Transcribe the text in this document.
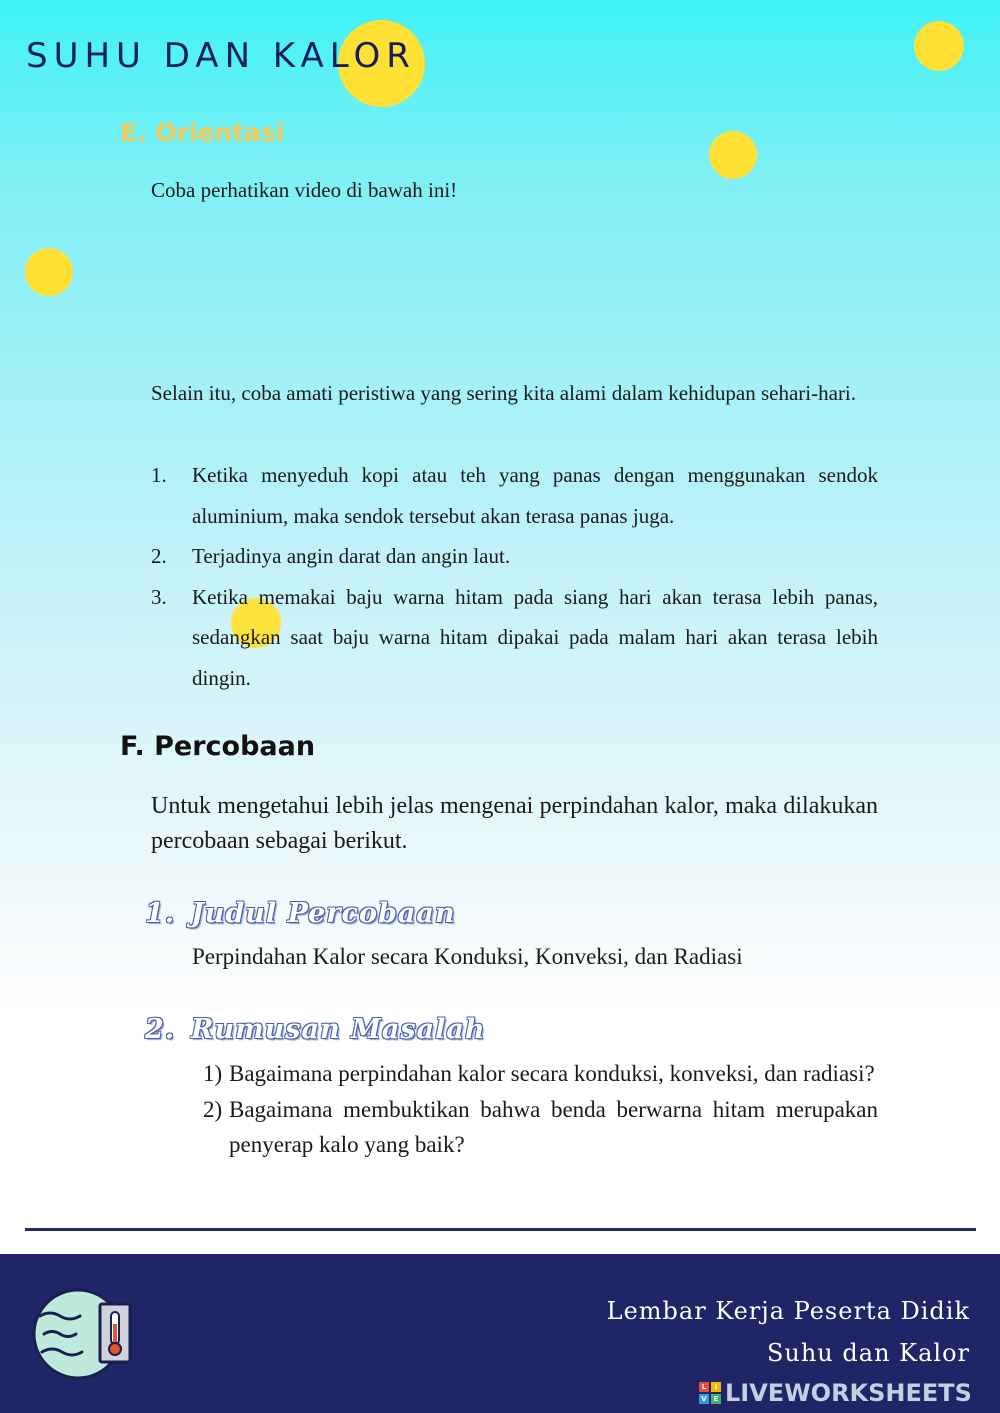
SUHU DAN KALOR
E. Orientasi

Coba perhatikan video di bawah ini!

Selain itu, coba amati peristiwa yang sering kita alami dalam kehidupan sehari-hari.

1.	Ketika menyeduh kopi atau teh yang panas dengan menggunakan sendok aluminium, maka sendok tersebut akan terasa panas juga.
2.	Terjadinya angin darat dan angin laut.
3.	Ketika memakai baju warna hitam pada siang hari akan terasa lebih panas, sedangkan saat baju warna hitam dipakai pada malam hari akan terasa lebih dingin.
F. Percobaan

Untuk mengetahui lebih jelas mengenai perpindahan kalor, maka dilakukan percobaan sebagai berikut.

1. Judul Percobaan

Perpindahan Kalor secara Konduksi, Konveksi, dan Radiasi

2. Rumusan Masalah
1) Bagaimana perpindahan kalor secara konduksi, konveksi, dan radiasi?
2) Bagaimana membuktikan bahwa benda berwarna hitam merupakan penyerap kalo yang baik?

Lembar Kerja Peserta Didik

Suhu dan Kalor

L	I
V E LIVEWORKSHEETS
